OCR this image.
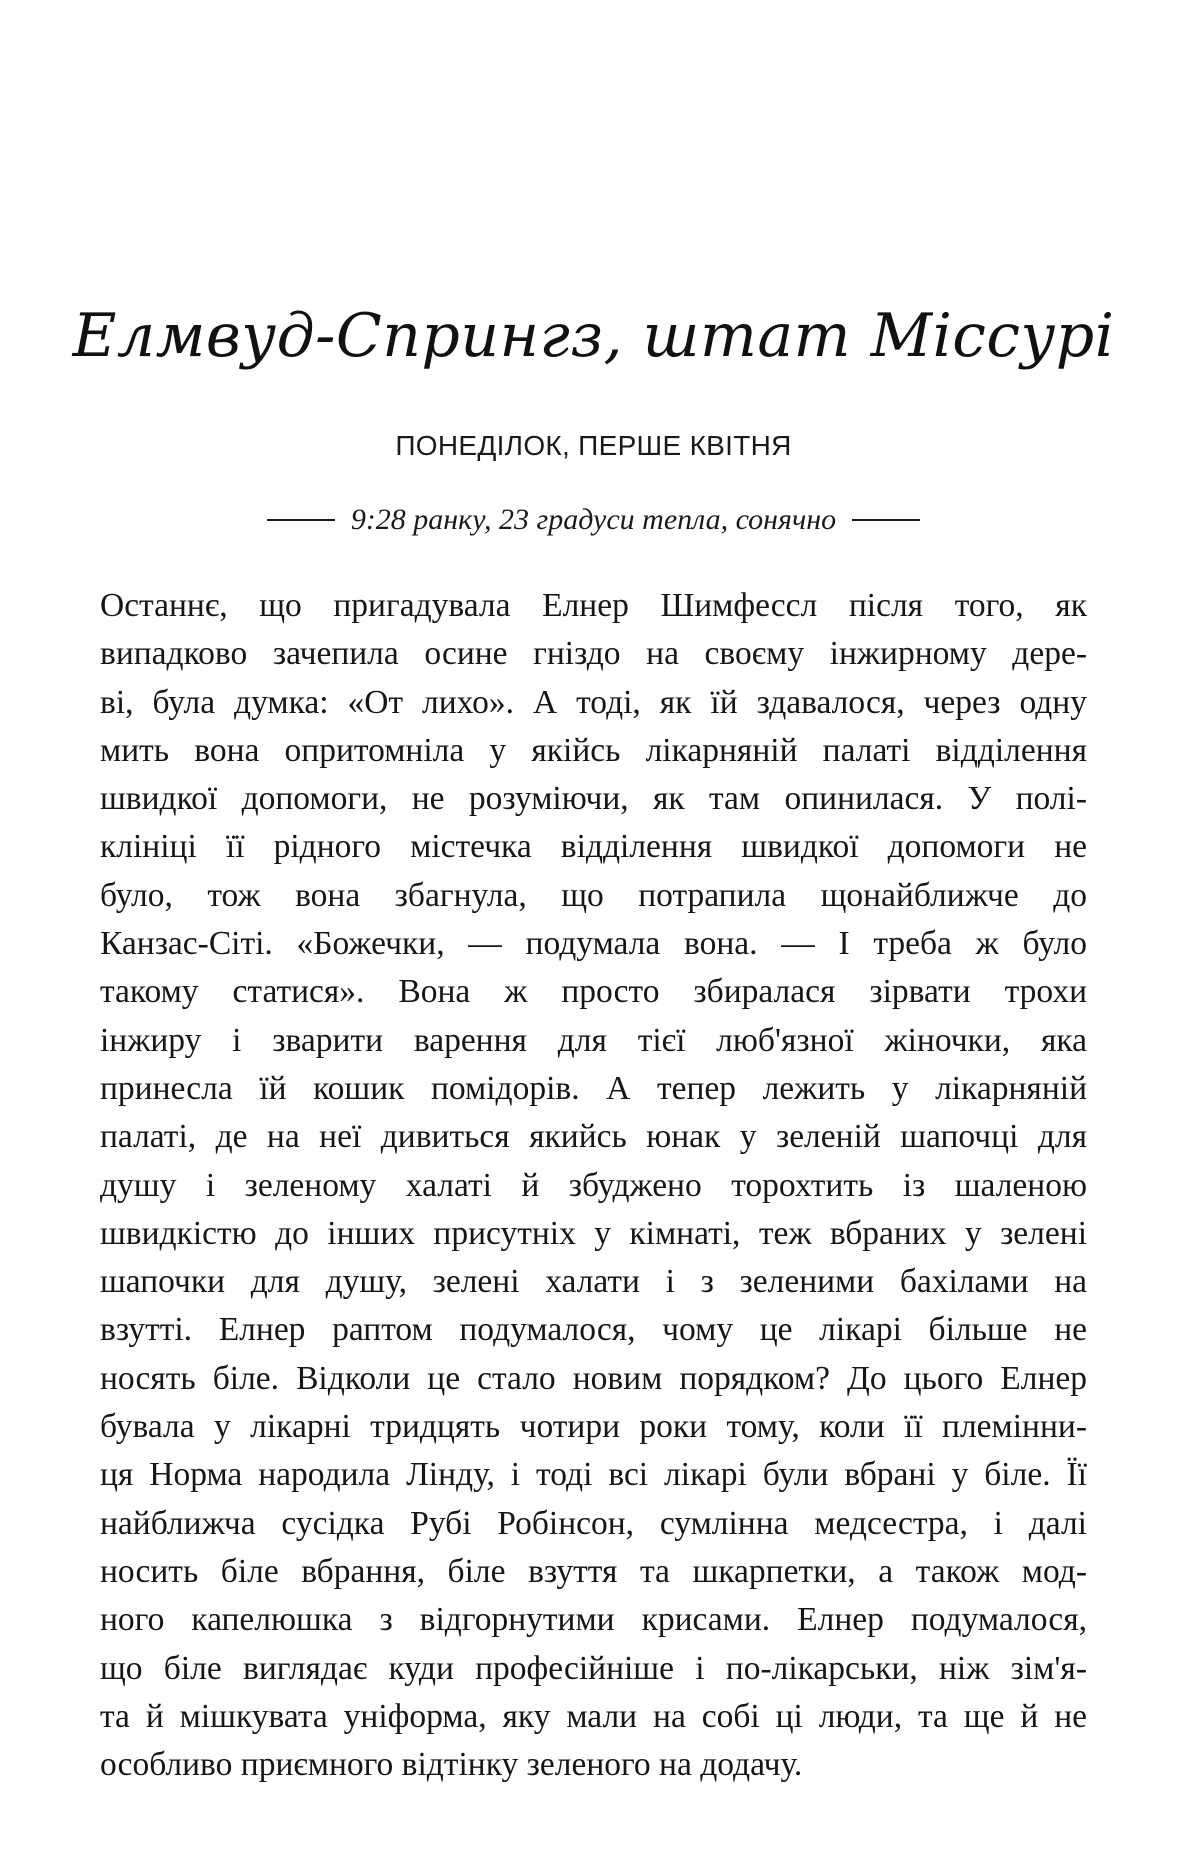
Елмвуд-Спрингз, штат Міссурі
ПОНЕДІЛОК, ПЕРШЕ КВІТНЯ
9:28 ранку, 23 градуси тепла, сонячно
Останнє, що пригадувала Елнер Шимфессл після того, як
випадково зачепила осине гніздо на своєму інжирному дере-
ві, була думка: «От лихо». А тоді, як їй здавалося, через одну
мить вона опритомніла у якійсь лікарняній палаті відділення
швидкої допомоги, не розуміючи, як там опинилася. У полі-
клініці її рідного містечка відділення швидкої допомоги не
було, тож вона збагнула, що потрапила щонайближче до
Канзас-Сіті. «Божечки, — подумала вона. — І треба ж було
такому статися». Вона ж просто збиралася зірвати трохи
інжиру і зварити варення для тієї люб'язної жіночки, яка
принесла їй кошик помідорів. А тепер лежить у лікарняній
палаті, де на неї дивиться якийсь юнак у зеленій шапочці для
душу і зеленому халаті й збуджено торохтить із шаленою
швидкістю до інших присутніх у кімнаті, теж вбраних у зелені
шапочки для душу, зелені халати і з зеленими бахілами на
взутті. Елнер раптом подумалося, чому це лікарі більше не
носять біле. Відколи це стало новим порядком? До цього Елнер
бувала у лікарні тридцять чотири роки тому, коли її племінни-
ця Норма народила Лінду, і тоді всі лікарі були вбрані у біле. Її
найближча сусідка Рубі Робінсон, сумлінна медсестра, і далі
носить біле вбрання, біле взуття та шкарпетки, а також мод-
ного капелюшка з відгорнутими крисами. Елнер подумалося,
що біле виглядає куди професійніше і по-лікарськи, ніж зім'я-
та й мішкувата уніформа, яку мали на собі ці люди, та ще й не
особливо приємного відтінку зеленого на додачу.
